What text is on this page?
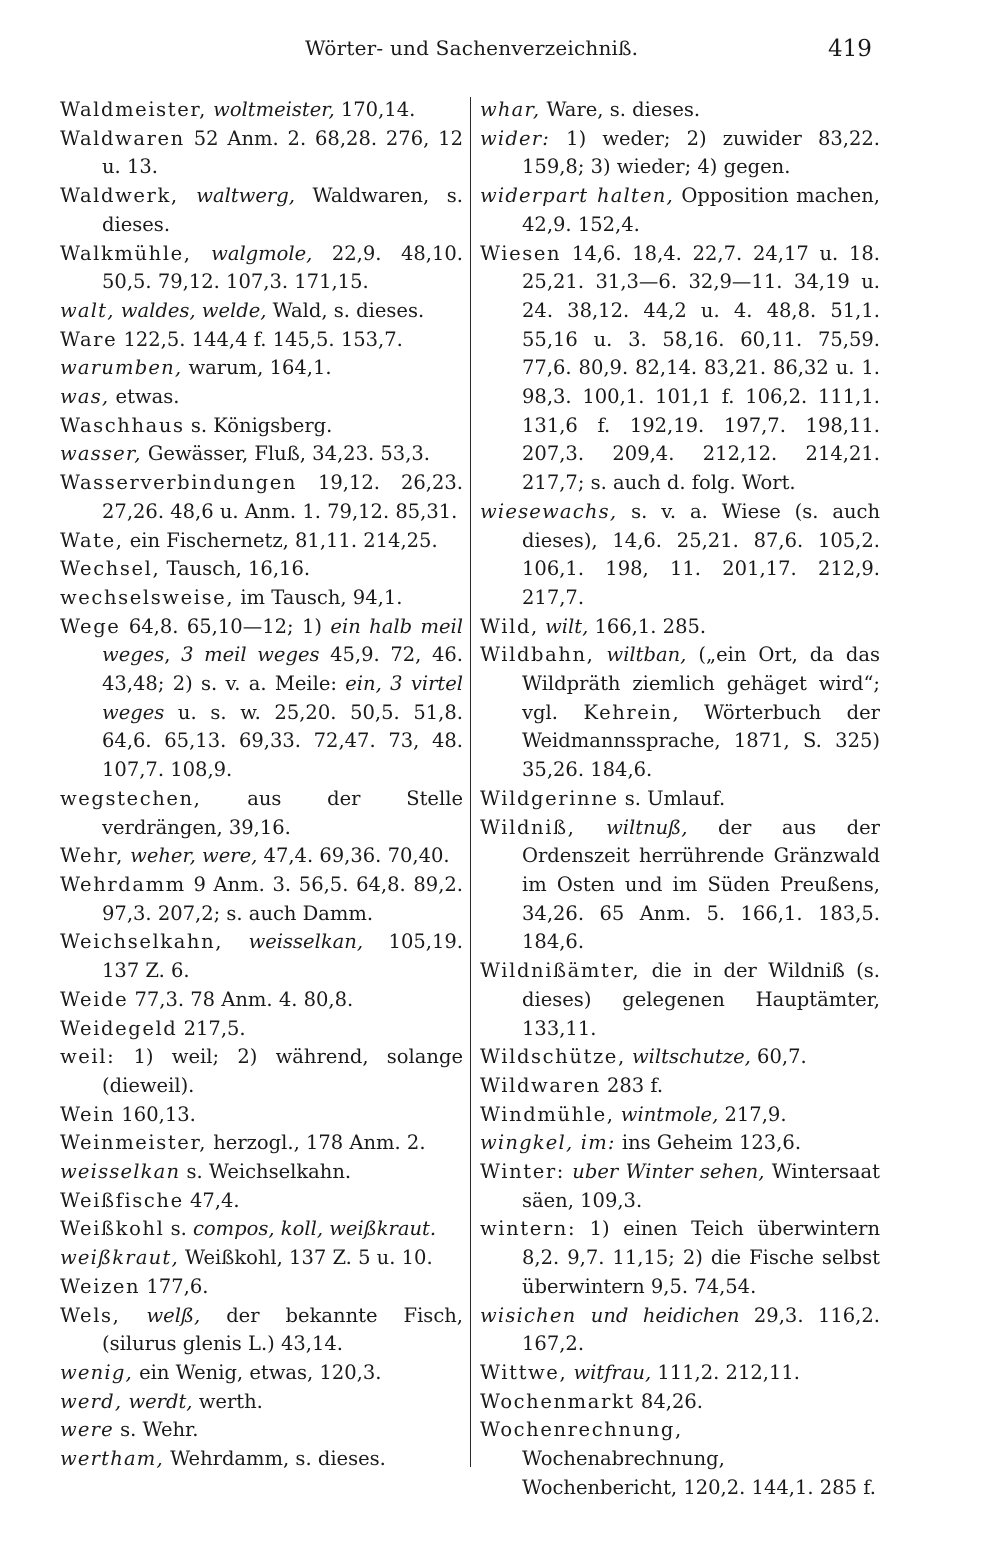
Wörter- und Sachenverzeichniß.	419

Waldmeister, woltmeister, 170,14.

Waldwaren 52 Anm. 2. 68,28. 276, 12 u. 13.

Waldwerk, waltwerg, Waldwaren, s. dieses.

Walkmühle, walgmole, 22,9. 48,10. 50,5. 79,12. 107,3. 171,15.

walt, waldes, welde, Wald, s. dieses.

Ware 122,5. 144,4 f. 145,5. 153,7.

warumben, warum, 164,1.

was, etwas.

Waschhaus s. Königsberg.

wasser, Gewässer, Fluß, 34,23. 53,3.

Wasserverbindungen 19,12. 26,23. 27,26. 48,6 u. Anm. 1. 79,12. 85,31.

Wate, ein Fischernetz, 81,11. 214,25.

Wechsel, Tausch, 16,16.

wechselsweise, im Tausch, 94,1.

Wege 64,8. 65,10—12; 1) ein halb meil weges, 3 meil weges 45,9. 72, 46. 43,48; 2) s. v. a. Meile: ein, 3 virtel weges u. s. w. 25,20. 50,5. 51,8. 64,6. 65,13. 69,33. 72,47. 73, 48. 107,7. 108,9.

wegstechen, aus der Stelle verdrängen, 39,16.

Wehr, weher, were, 47,4. 69,36. 70,40.

Wehrdamm 9 Anm. 3. 56,5. 64,8. 89,2. 97,3. 207,2; s. auch Damm.

Weichselkahn, weisselkan, 105,19. 137 Z. 6.

Weide 77,3. 78 Anm. 4. 80,8.

Weidegeld 217,5.

weil: 1) weil; 2) während, solange (dieweil).

Wein 160,13.

Weinmeister, herzogl., 178 Anm. 2.

weisselkan s. Weichselkahn.

Weißfische 47,4.

Weißkohl s. compos, koll, weißkraut.

weißkraut, Weißkohl, 137 Z. 5 u. 10.

Weizen 177,6.

Wels, welß, der bekannte Fisch, (silurus glenis L.) 43,14.

wenig, ein Wenig, etwas, 120,3.

werd, werdt, werth.

were s. Wehr.

wertham, Wehrdamm, s. dieses.

whar, Ware, s. dieses.

wider: 1) weder; 2) zuwider 83,22. 159,8; 3) wieder; 4) gegen.

widerpart halten, Opposition machen, 42,9. 152,4.

Wiesen 14,6. 18,4. 22,7. 24,17 u. 18. 25,21. 31,3—6. 32,9—11. 34,19 u. 24. 38,12. 44,2 u. 4. 48,8. 51,1. 55,16 u. 3. 58,16. 60,11. 75,59. 77,6. 80,9. 82,14. 83,21. 86,32 u. 1. 98,3. 100,1. 101,1 f. 106,2. 111,1. 131,6 f. 192,19. 197,7. 198,11. 207,3. 209,4. 212,12. 214,21. 217,7; s. auch d. folg. Wort.

wiesewachs, s. v. a. Wiese (s. auch dieses), 14,6. 25,21. 87,6. 105,2. 106,1. 198, 11. 201,17. 212,9. 217,7.

Wild, wilt, 166,1. 285.

Wildbahn, wiltban, („ein Ort, da das Wildpräth ziemlich gehäget wird“; vgl. Kehrein, Wörterbuch der Weidmannssprache, 1871, S. 325) 35,26. 184,6.

Wildgerinne s. Umlauf.

Wildniß, wiltnuß, der aus der Ordenszeit herrührende Gränzwald im Osten und im Süden Preußens, 34,26. 65 Anm. 5. 166,1. 183,5. 184,6.

Wildnißämter, die in der Wildniß (s. dieses) gelegenen Hauptämter, 133,11.

Wildschütze, wiltschutze, 60,7.

Wildwaren 283 f.

Windmühle, wintmole, 217,9.

wingkel, im: ins Geheim 123,6.

Winter: uber Winter sehen, Wintersaat säen, 109,3.

wintern: 1) einen Teich überwintern 8,2. 9,7. 11,15; 2) die Fische selbst überwintern 9,5. 74,54.

wisichen und heidichen 29,3. 116,2. 167,2.

Wittwe, witfrau, 111,2. 212,11.

Wochenmarkt 84,26.

Wochenrechnung, Wochenabrechnung, Wochenbericht, 120,2. 144,1. 285 f.
